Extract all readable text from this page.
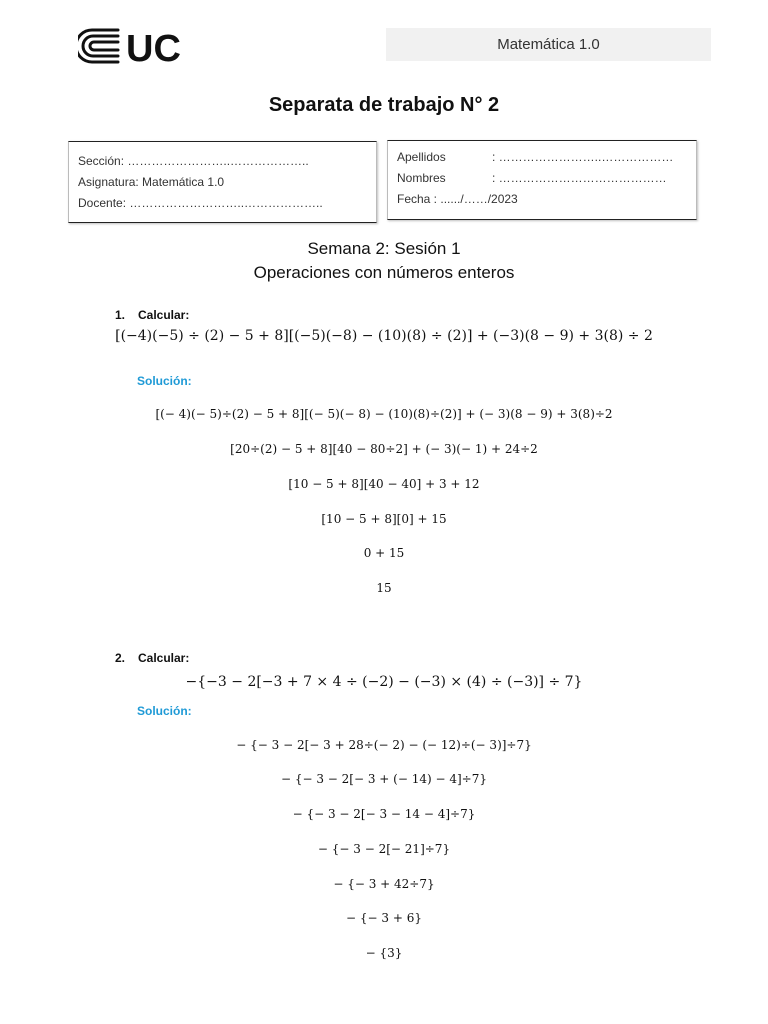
UC	Matemática 1.0
Separata de trabajo N° 2
Sección: ……………………..………………..
Asignatura: Matemática 1.0
Docente: ………………………..………………..
Apellidos	: ……………………..………………
Nombres	: ……………………………………
Fecha : ....../……/2023
Semana 2: Sesión 1
Operaciones con números enteros
1. Calcular:
[(−4)(−5) ÷ (2) − 5 + 8][(−5)(−8) − (10)(8) ÷ (2)] + (−3)(8 − 9) + 3(8) ÷ 2
Solución:
[(− 4)(− 5)÷(2) − 5 + 8][(− 5)(− 8) − (10)(8)÷(2)] + (− 3)(8 − 9) + 3(8)÷2
[20÷(2) − 5 + 8][40 − 80÷2] + (− 3)(− 1) + 24÷2
[10 − 5 + 8][40 − 40] + 3 + 12
[10 − 5 + 8][0] + 15
0 + 15
15
2. Calcular:
−{−3 − 2[−3 + 7 × 4 ÷ (−2) − (−3) × (4) ÷ (−3)] ÷ 7}
Solución:
− {− 3 − 2[− 3 + 28÷(− 2) − (− 12)÷(− 3)]÷7}
− {− 3 − 2[− 3 + (− 14) − 4]÷7}
− {− 3 − 2[− 3 − 14 − 4]÷7}
− {− 3 − 2[− 21]÷7}
− {− 3 + 42÷7}
− {− 3 + 6}
− {3}
